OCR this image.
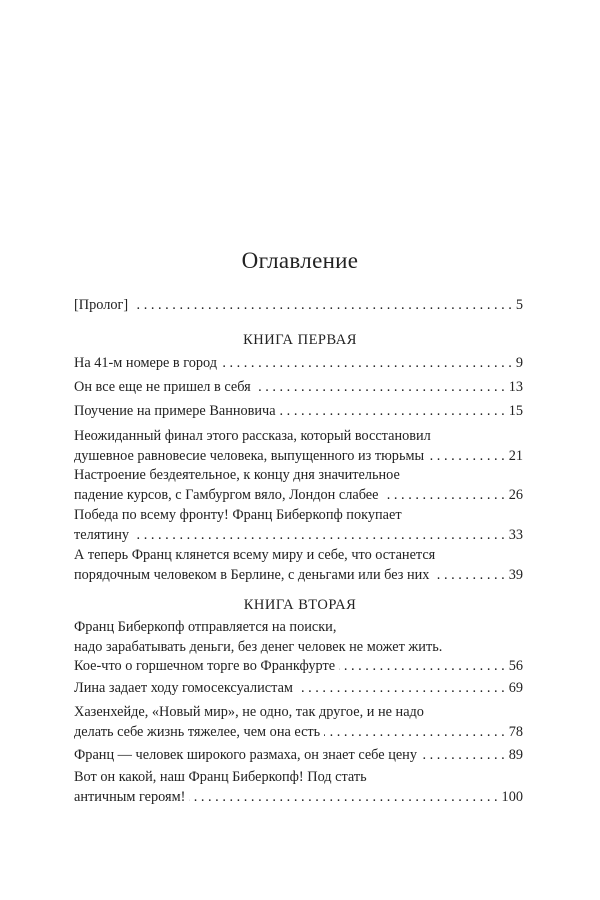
Оглавление
[Пролог] . . .	5
КНИГА ПЕРВАЯ
На 41-м номере в город . . .	9
Он все еще не пришел в себя . . .	13
Поучение на примере Ванновича . . .	15
Неожиданный финал этого рассказа, который восстановил
душевное равновесие человека, выпущенного из тюрьмы . . .	21
Настроение бездеятельное, к концу дня значительное
падение курсов, с Гамбургом вяло, Лондон слабее . . .	26
Победа по всему фронту! Франц Биберкопф покупает
телятину . . .	33
А теперь Франц клянется всему миру и себе, что останется
порядочным человеком в Берлине, с деньгами или без них . . .	39
КНИГА ВТОРАЯ
Франц Биберкопф отправляется на поиски,
надо зарабатывать деньги, без денег человек не может жить.
Кое-что о горшечном торге во Франкфурте . . .	56
Лина задает ходу гомосексуалистам . . .	69
Хазенхейде, «Новый мир», не одно, так другое, и не надо
делать себе жизнь тяжелее, чем она есть . . .	78
Франц — человек широкого размаха, он знает себе цену . . .	89
Вот он какой, наш Франц Биберкопф! Под стать
античным героям! . . .	100
